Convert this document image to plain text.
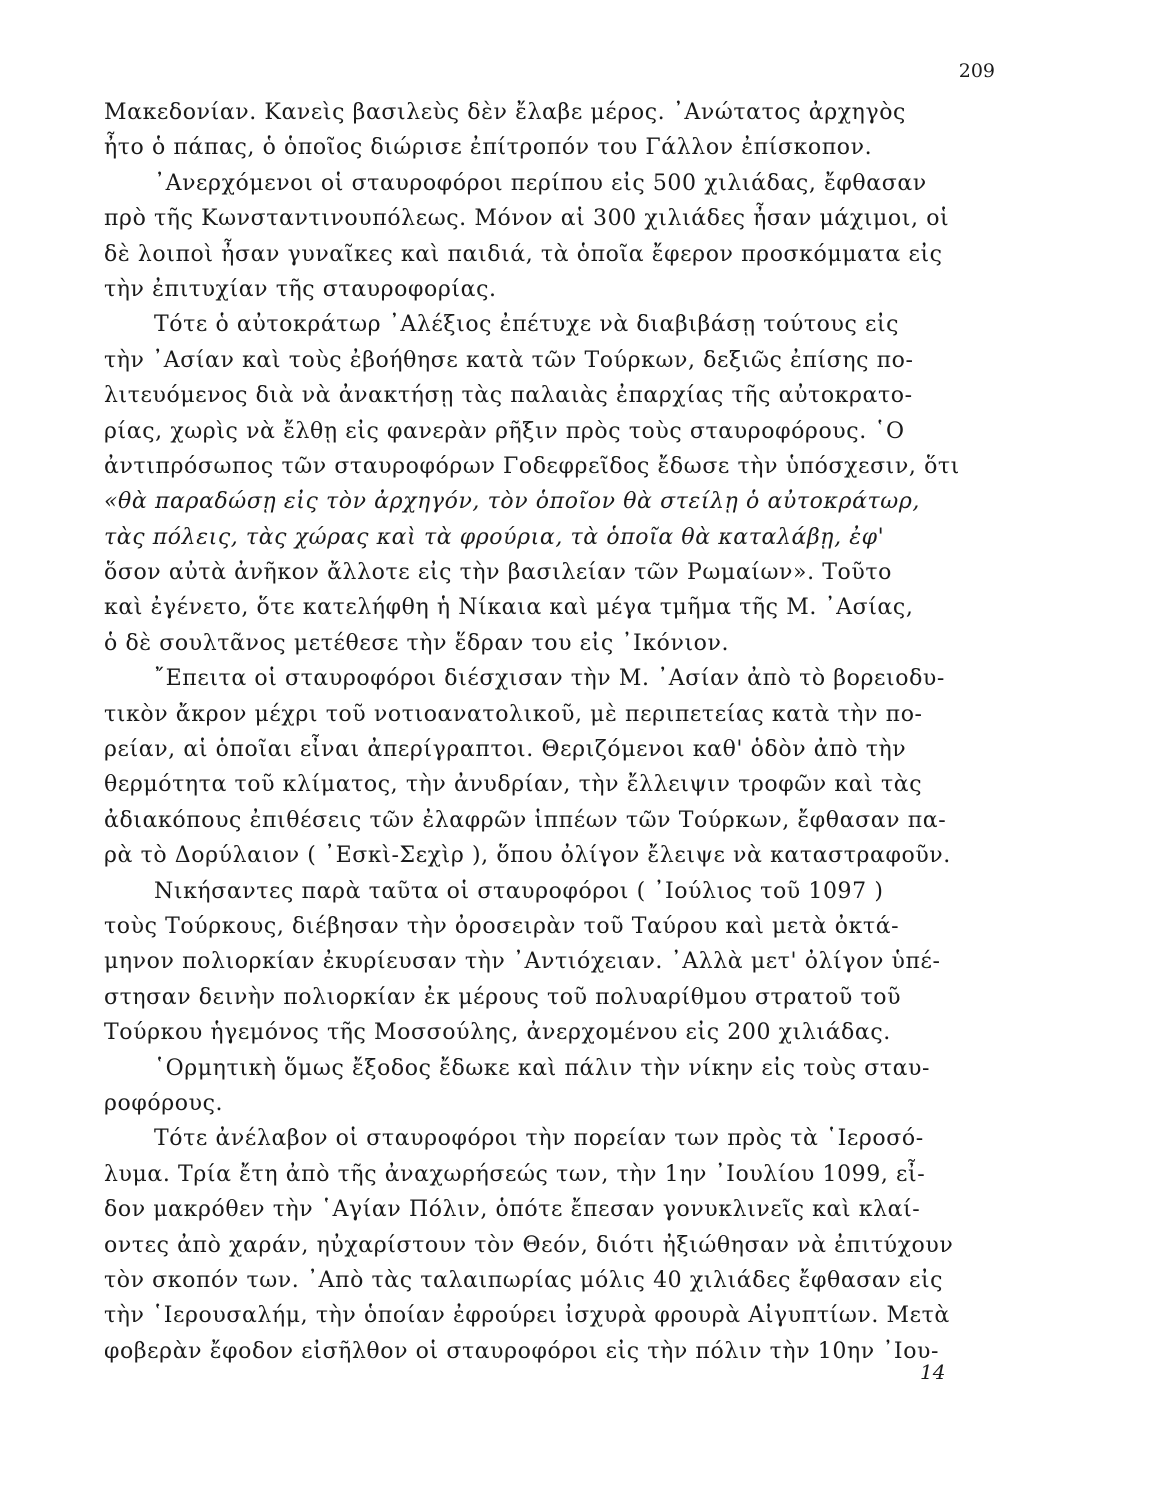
209
Μακεδονίαν. Κανεὶς βασιλεὺς δὲν ἔλαβε μέρος. ᾿Ανώτατος ἀρχηγὸς
ἦτο ὁ πάπας, ὁ ὁποῖος διώρισε ἐπίτροπόν του Γάλλον ἐπίσκοπον.
᾿Ανερχόμενοι οἱ σταυροφόροι περίπου εἰς 500 χιλιάδας, ἔφθασαν
πρὸ τῆς Κωνσταντινουπόλεως. Μόνον αἱ 300 χιλιάδες ἦσαν μάχιμοι, οἱ
δὲ λοιποὶ ἦσαν γυναῖκες καὶ παιδιά, τὰ ὁποῖα ἔφερον προσκόμματα εἰς
τὴν ἐπιτυχίαν τῆς σταυροφορίας.
Τότε ὁ αὐτοκράτωρ ᾿Αλέξιος ἐπέτυχε νὰ διαβιβάσῃ τούτους εἰς
τὴν ᾿Ασίαν καὶ τοὺς ἐβοήθησε κατὰ τῶν Τούρκων, δεξιῶς ἐπίσης πο-
λιτευόμενος διὰ νὰ ἀνακτήσῃ τὰς παλαιὰς ἐπαρχίας τῆς αὐτοκρατο-
ρίας, χωρὶς νὰ ἔλθῃ εἰς φανερὰν ρῆξιν πρὸς τοὺς σταυροφόρους. ῾Ο
ἀντιπρόσωπος τῶν σταυροφόρων Γοδεφρεῖδος ἔδωσε τὴν ὑπόσχεσιν, ὅτι
«θὰ παραδώσῃ εἰς τὸν ἀρχηγόν, τὸν ὁποῖον θὰ στείλῃ ὁ αὐτοκράτωρ,
τὰς πόλεις, τὰς χώρας καὶ τὰ φρούρια, τὰ ὁποῖα θὰ καταλάβῃ, ἐφ'
ὅσον αὐτὰ ἀνῆκον ἄλλοτε εἰς τὴν βασιλείαν τῶν Ρωμαίων». Τοῦτο
καὶ ἐγένετο, ὅτε κατελήφθη ἡ Νίκαια καὶ μέγα τμῆμα τῆς Μ. ᾿Ασίας,
ὁ δὲ σουλτᾶνος μετέθεσε τὴν ἕδραν του εἰς ᾿Ικόνιον.
῎Επειτα οἱ σταυροφόροι διέσχισαν τὴν Μ. ᾿Ασίαν ἀπὸ τὸ βορειοδυ-
τικὸν ἄκρον μέχρι τοῦ νοτιοανατολικοῦ, μὲ περιπετείας κατὰ τὴν πο-
ρείαν, αἱ ὁποῖαι εἶναι ἀπερίγραπτοι. Θεριζόμενοι καθ' ὁδὸν ἀπὸ τὴν
θερμότητα τοῦ κλίματος, τὴν ἀνυδρίαν, τὴν ἔλλειψιν τροφῶν καὶ τὰς
ἀδιακόπους ἐπιθέσεις τῶν ἐλαφρῶν ἱππέων τῶν Τούρκων, ἔφθασαν πα-
ρὰ τὸ Δορύλαιον ( ᾿Εσκὶ-Σεχὶρ ), ὅπου ὀλίγον ἔλειψε νὰ καταστραφοῦν.
Νικήσαντες παρὰ ταῦτα οἱ σταυροφόροι ( ᾿Ιούλιος τοῦ 1097 )
τοὺς Τούρκους, διέβησαν τὴν ὀροσειρὰν τοῦ Ταύρου καὶ μετὰ ὀκτά-
μηνον πολιορκίαν ἐκυρίευσαν τὴν ᾿Αντιόχειαν. ᾿Αλλὰ μετ' ὀλίγον ὑπέ-
στησαν δεινὴν πολιορκίαν ἐκ μέρους τοῦ πολυαρίθμου στρατοῦ τοῦ
Τούρκου ἡγεμόνος τῆς Μοσσούλης, ἀνερχομένου εἰς 200 χιλιάδας.
῾Ορμητικὴ ὅμως ἔξοδος ἔδωκε καὶ πάλιν τὴν νίκην εἰς τοὺς σταυ-
ροφόρους.
Τότε ἀνέλαβον οἱ σταυροφόροι τὴν πορείαν των πρὸς τὰ ῾Ιεροσό-
λυμα. Τρία ἔτη ἀπὸ τῆς ἀναχωρήσεώς των, τὴν 1ην ᾿Ιουλίου 1099, εἶ-
δον μακρόθεν τὴν ῾Αγίαν Πόλιν, ὁπότε ἔπεσαν γονυκλινεῖς καὶ κλαί-
οντες ἀπὸ χαράν, ηὐχαρίστουν τὸν Θεόν, διότι ἠξιώθησαν νὰ ἐπιτύχουν
τὸν σκοπόν των. ᾿Απὸ τὰς ταλαιπωρίας μόλις 40 χιλιάδες ἔφθασαν εἰς
τὴν ῾Ιερουσαλήμ, τὴν ὁποίαν ἐφρούρει ἰσχυρὰ φρουρὰ Αἰγυπτίων. Μετὰ
φοβερὰν ἔφοδον εἰσῆλθον οἱ σταυροφόροι εἰς τὴν πόλιν τὴν 10ην ᾿Ιου-
14
